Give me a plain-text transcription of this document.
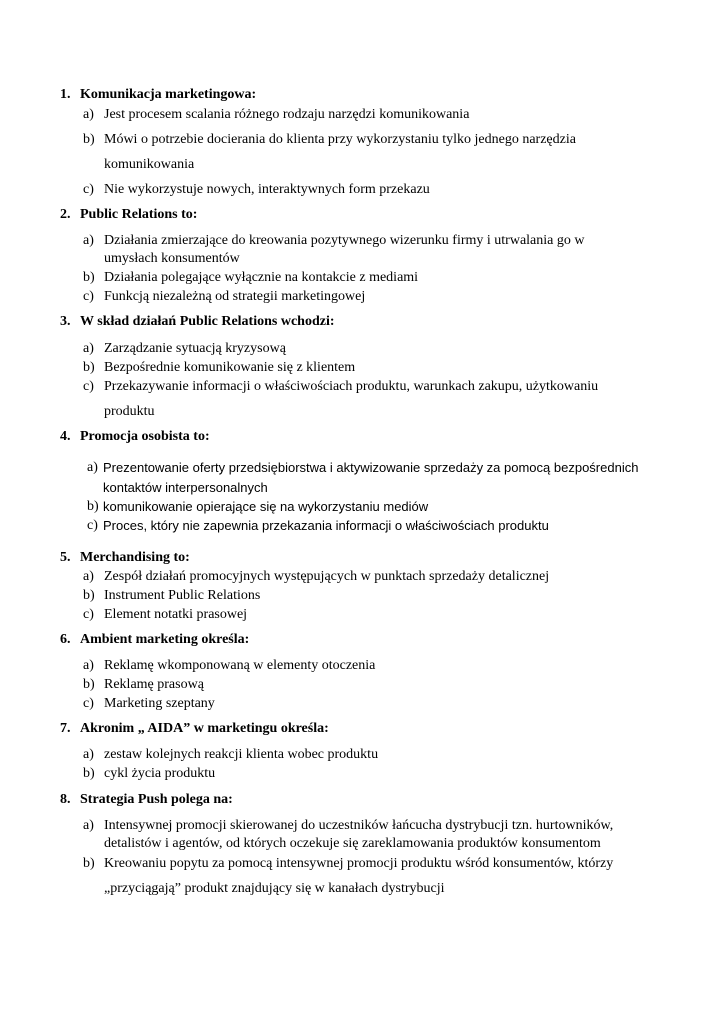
1. Komunikacja marketingowa:
a) Jest procesem scalania różnego rodzaju narzędzi komunikowania
b) Mówi o potrzebie docierania do klienta przy wykorzystaniu tylko jednego narzędzia
komunikowania
c) Nie wykorzystuje nowych, interaktywnych form przekazu
2. Public Relations to:
a) Działania zmierzające do kreowania pozytywnego wizerunku firmy i utrwalania go w
umysłach konsumentów
b) Działania polegające wyłącznie na kontakcie z mediami
c) Funkcją niezależną od strategii marketingowej
3. W skład działań Public Relations wchodzi:
a) Zarządzanie sytuacją kryzysową
b) Bezpośrednie komunikowanie się z klientem
c) Przekazywanie informacji o właściwościach produktu, warunkach zakupu, użytkowaniu
produktu
4. Promocja osobista to:
a) Prezentowanie oferty przedsiębiorstwa i aktywizowanie sprzedaży za pomocą bezpośrednich
kontaktów interpersonalnych
b) komunikowanie opierające się na wykorzystaniu mediów
c) Proces, który nie zapewnia przekazania informacji o właściwościach produktu
5. Merchandising to:
a) Zespół działań promocyjnych występujących w punktach sprzedaży detalicznej
b) Instrument Public Relations
c) Element notatki prasowej
6. Ambient marketing określa:
a) Reklamę wkomponowaną w elementy otoczenia
b) Reklamę prasową
c) Marketing szeptany
7. Akronim „ AIDA” w marketingu określa:
a) zestaw kolejnych reakcji klienta wobec produktu
b) cykl życia produktu
8. Strategia Push polega na:
a) Intensywnej promocji skierowanej do uczestników łańcucha dystrybucji tzn. hurtowników,
detalistów i agentów, od których oczekuje się zareklamowania produktów konsumentom
b) Kreowaniu popytu za pomocą intensywnej promocji produktu wśród konsumentów, którzy
„przyciągają” produkt znajdujący się w kanałach dystrybucji
